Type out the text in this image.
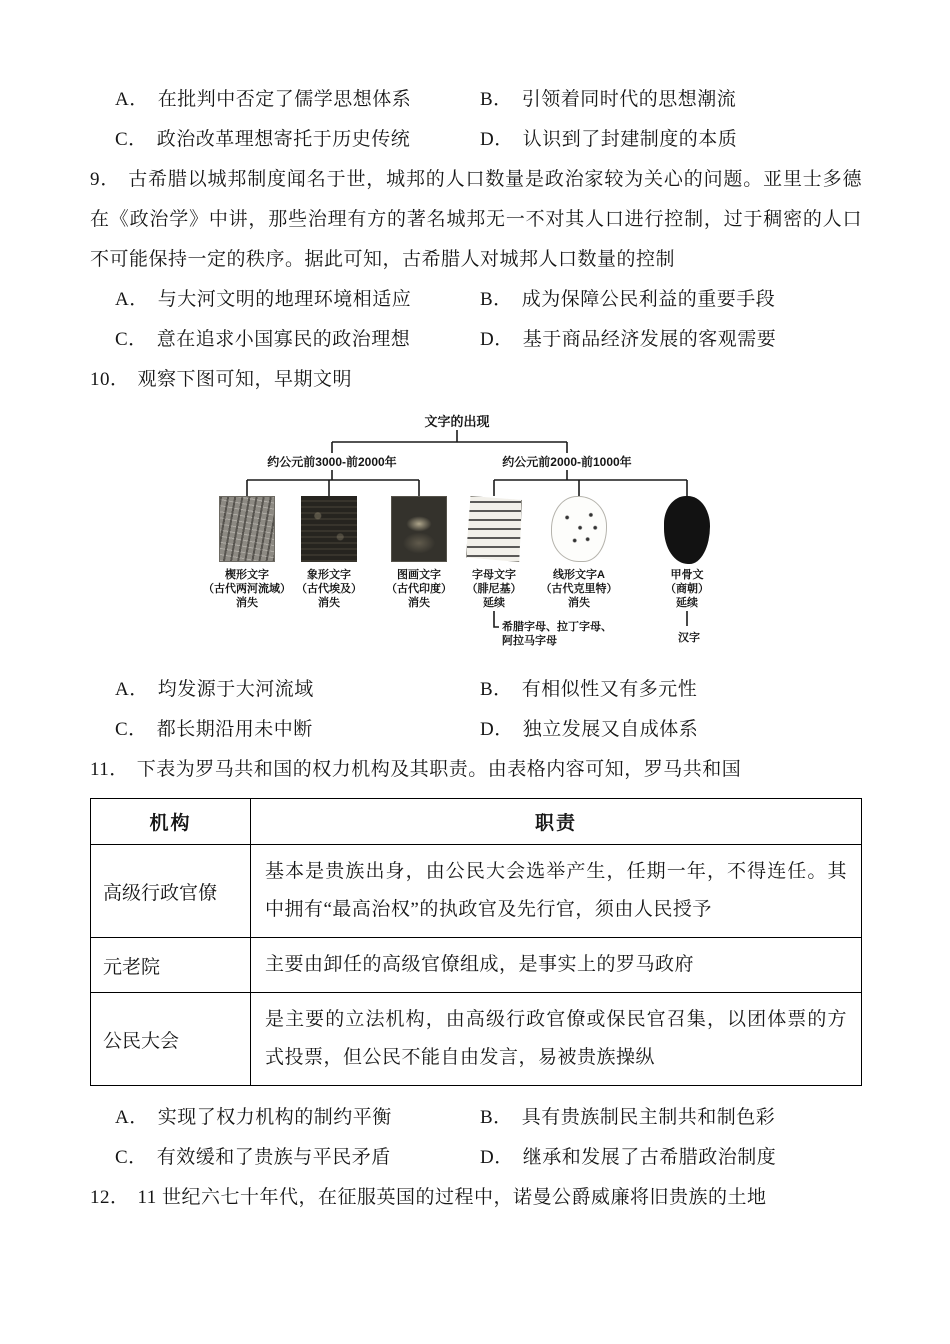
A． 在批判中否定了儒学思想体系	B． 引领着同时代的思想潮流
C． 政治改革理想寄托于历史传统	D． 认识到了封建制度的本质

9． 古希腊以城邦制度闻名于世，城邦的人口数量是政治家较为关心的问题。亚里士多德在《政治学》中讲，那些治理有方的著名城邦无一不对其人口进行控制，过于稠密的人口不可能保持一定的秩序。据此可知，古希腊人对城邦人口数量的控制

A． 与大河文明的地理环境相适应	B． 成为保障公民利益的重要手段
C． 意在追求小国寡民的政治理想	D． 基于商品经济发展的客观需要

10． 观察下图可知，早期文明

文字的出现
约公元前3000-前2000年	约公元前2000-前1000年
楔形文字
（古代两河流域）
消失
象形文字
（古代埃及）
消失
图画文字
（古代印度）
消失
字母文字
（腓尼基）
延续
线形文字A
（古代克里特）
消失
甲骨文
（商朝）
延续
希腊字母、拉丁字母、
阿拉马字母	汉字
A． 均发源于大河流域	B． 有相似性又有多元性
C． 都长期沿用未中断	D． 独立发展又自成体系

11． 下表为罗马共和国的权力机构及其职责。由表格内容可知，罗马共和国

机构	职责
高级行政官僚	基本是贵族出身，由公民大会选举产生，任期一年，不得连任。其中拥有“最高治权”的执政官及先行官，须由人民授予
元老院	主要由卸任的高级官僚组成，是事实上的罗马政府
公民大会	是主要的立法机构，由高级行政官僚或保民官召集，以团体票的方式投票，但公民不能自由发言，易被贵族操纵
A． 实现了权力机构的制约平衡	B． 具有贵族制民主制共和制色彩
C． 有效缓和了贵族与平民矛盾	D． 继承和发展了古希腊政治制度

12． 11 世纪六七十年代，在征服英国的过程中，诺曼公爵威廉将旧贵族的土地
